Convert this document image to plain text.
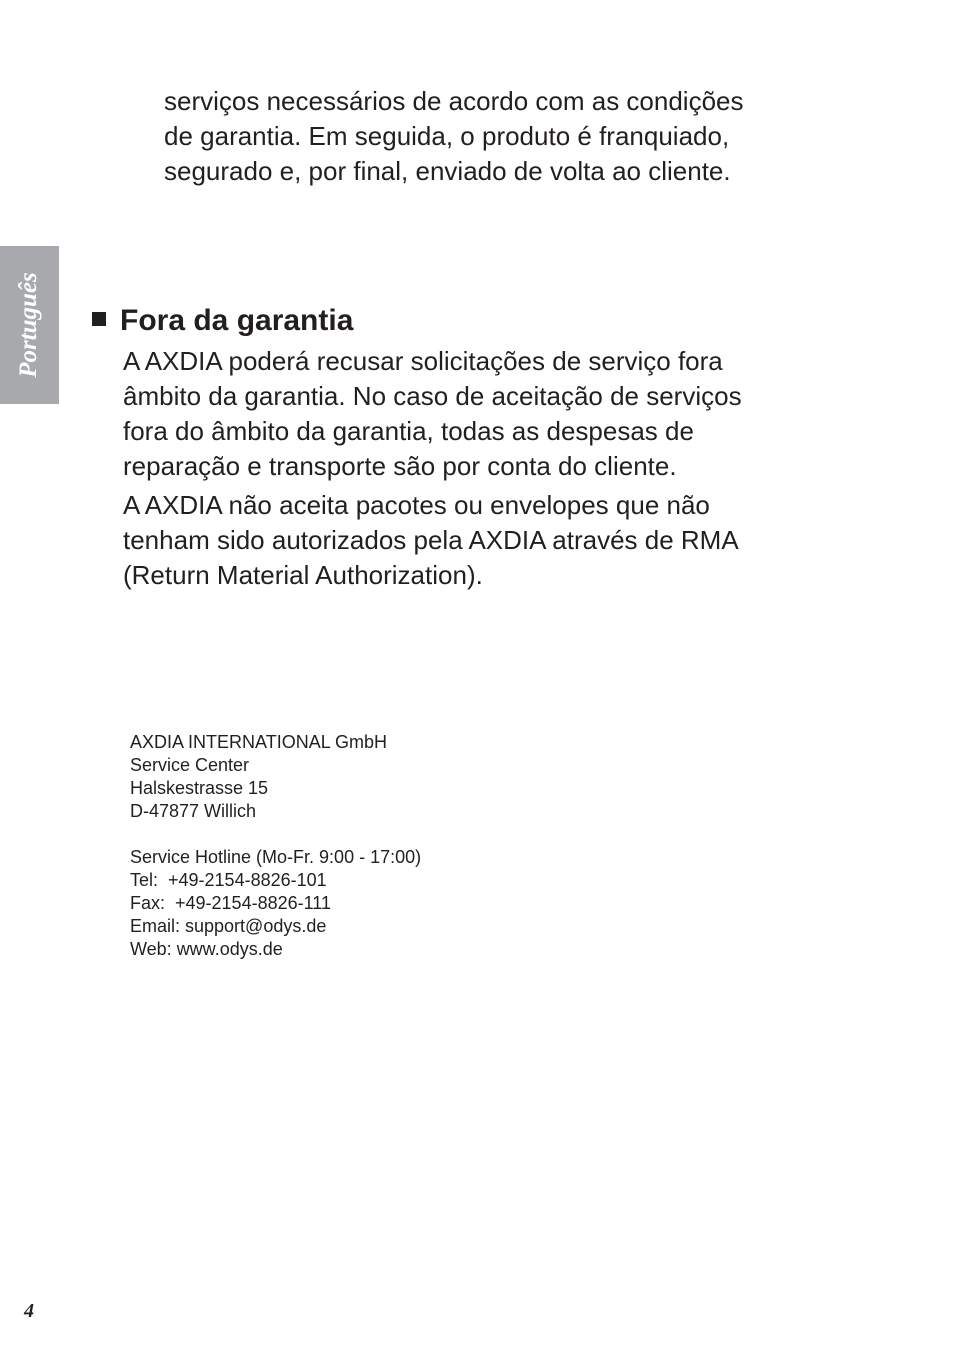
serviços necessários de acordo com as condições

de garantia. Em seguida, o produto é franquiado,

segurado e, por final, enviado de volta ao cliente.

Português	Fora da garantia

A AXDIA poderá recusar solicitações de serviço fora

âmbito da garantia. No caso de aceitação de serviços

fora do âmbito da garantia, todas as despesas de

reparação e transporte são por conta do cliente.

A AXDIA não aceita pacotes ou envelopes que não

tenham sido autorizados pela AXDIA através de RMA

(Return Material Authorization).

AXDIA INTERNATIONAL GmbH

Service Center

Halskestrasse 15

D-47877 Willich

Service Hotline (Mo-Fr. 9:00 - 17:00)

Tel:  +49-2154-8826-101

Fax:  +49-2154-8826-111

Email: support@odys.de

Web: www.odys.de

4
